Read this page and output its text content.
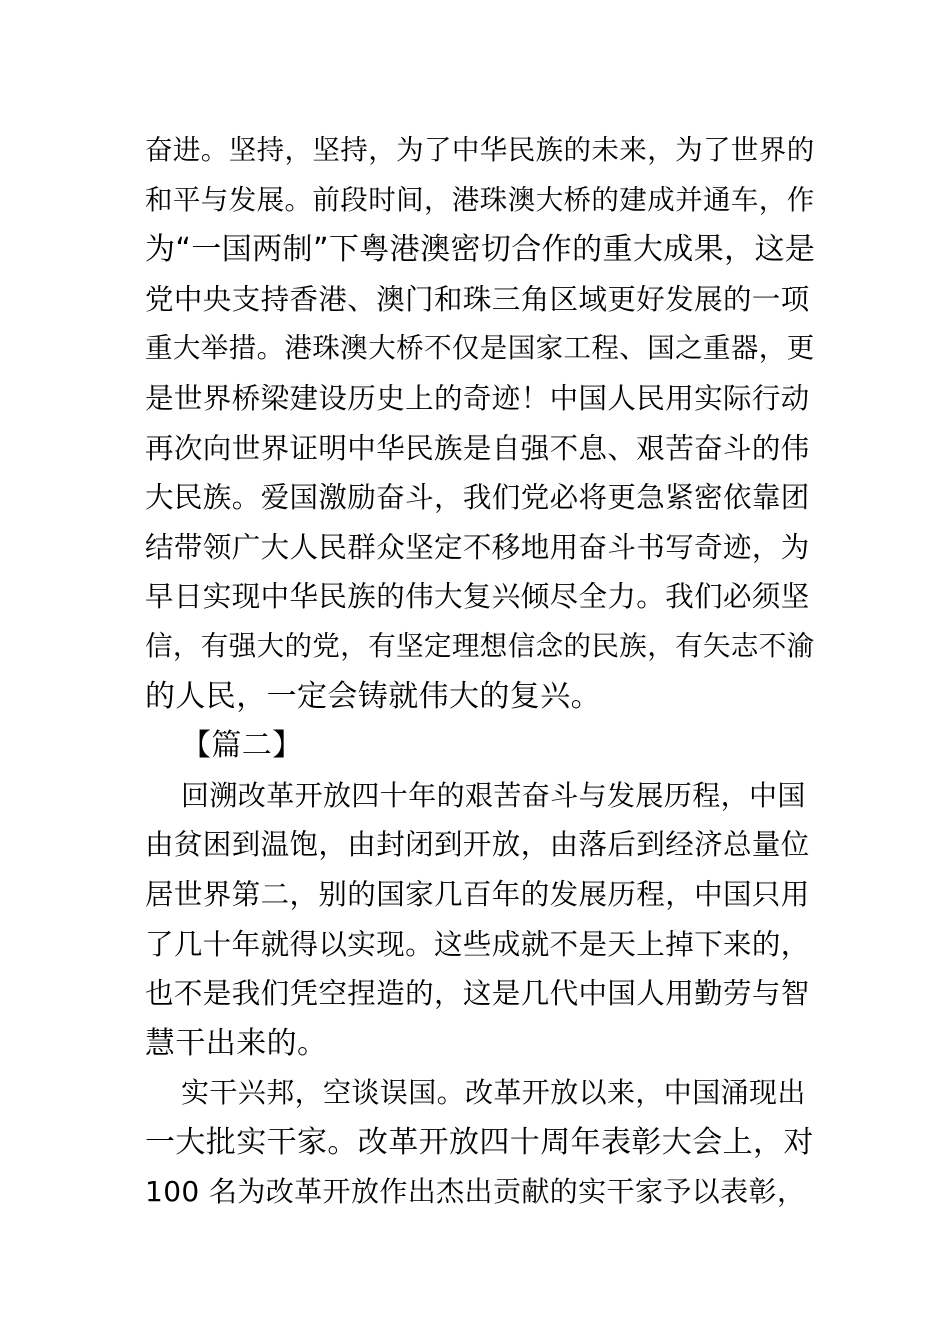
奋进。坚持，坚持，为了中华民族的未来，为了世界的
和平与发展。前段时间，港珠澳大桥的建成并通车，作
为“一国两制”下粤港澳密切合作的重大成果，这是
党中央支持香港、澳门和珠三角区域更好发展的一项
重大举措。港珠澳大桥不仅是国家工程、国之重器，更
是世界桥梁建设历史上的奇迹！中国人民用实际行动
再次向世界证明中华民族是自强不息、艰苦奋斗的伟
大民族。爱国激励奋斗，我们党必将更急紧密依靠团
结带领广大人民群众坚定不移地用奋斗书写奇迹，为
早日实现中华民族的伟大复兴倾尽全力。我们必须坚
信，有强大的党，有坚定理想信念的民族，有矢志不渝
的人民，一定会铸就伟大的复兴。
【篇二】
回溯改革开放四十年的艰苦奋斗与发展历程，中国
由贫困到温饱，由封闭到开放，由落后到经济总量位
居世界第二，别的国家几百年的发展历程，中国只用
了几十年就得以实现。这些成就不是天上掉下来的，
也不是我们凭空捏造的，这是几代中国人用勤劳与智
慧干出来的。
实干兴邦，空谈误国。改革开放以来，中国涌现出
一大批实干家。改革开放四十周年表彰大会上，对
100 名为改革开放作出杰出贡献的实干家予以表彰，
